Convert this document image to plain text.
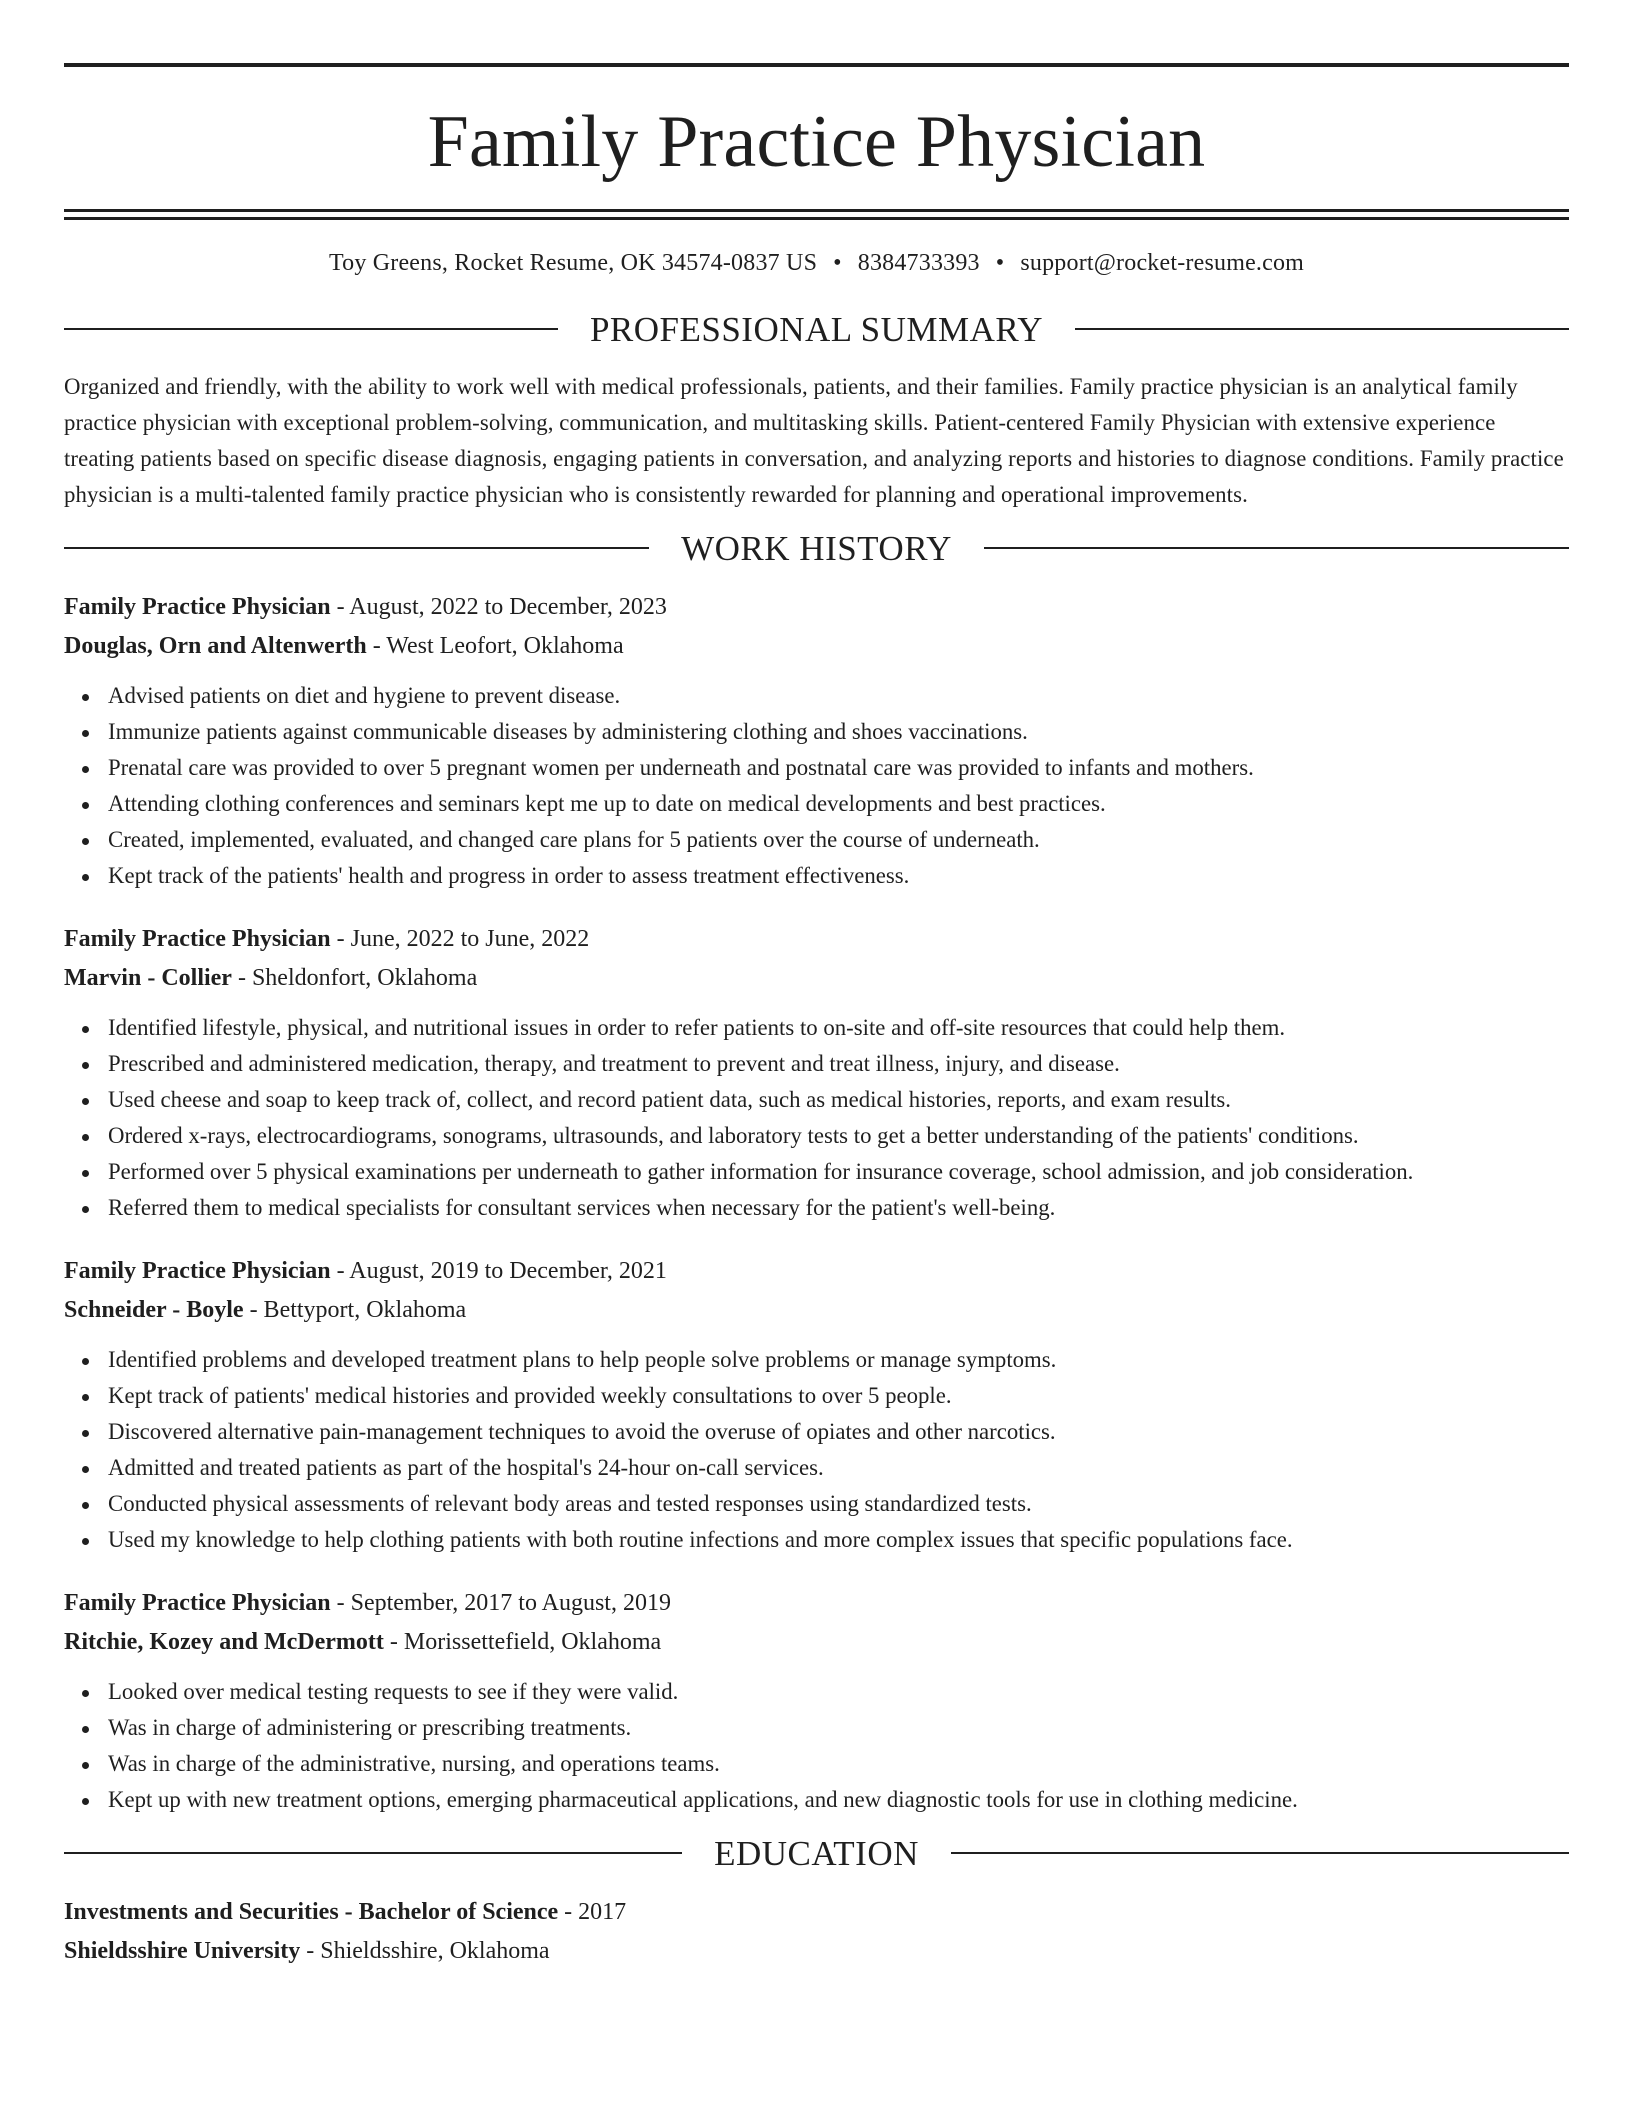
Family Practice Physician
Toy Greens, Rocket Resume, OK 34574-0837 US • 8384733393 • support@rocket-resume.com
PROFESSIONAL SUMMARY

Organized and friendly, with the ability to work well with medical professionals, patients, and their families. Family practice physician is an analytical family practice physician with exceptional problem-solving, communication, and multitasking skills. Patient-centered Family Physician with extensive experience treating patients based on specific disease diagnosis, engaging patients in conversation, and analyzing reports and histories to diagnose conditions. Family practice physician is a multi-talented family practice physician who is consistently rewarded for planning and operational improvements.

WORK HISTORY
Family Practice Physician - August, 2022 to December, 2023
Douglas, Orn and Altenwerth - West Leofort, Oklahoma
Advised patients on diet and hygiene to prevent disease.
Immunize patients against communicable diseases by administering clothing and shoes vaccinations.
Prenatal care was provided to over 5 pregnant women per underneath and postnatal care was provided to infants and mothers.
Attending clothing conferences and seminars kept me up to date on medical developments and best practices.
Created, implemented, evaluated, and changed care plans for 5 patients over the course of underneath.
Kept track of the patients' health and progress in order to assess treatment effectiveness.
Family Practice Physician - June, 2022 to June, 2022
Marvin - Collier - Sheldonfort, Oklahoma
Identified lifestyle, physical, and nutritional issues in order to refer patients to on-site and off-site resources that could help them.
Prescribed and administered medication, therapy, and treatment to prevent and treat illness, injury, and disease.
Used cheese and soap to keep track of, collect, and record patient data, such as medical histories, reports, and exam results.
Ordered x-rays, electrocardiograms, sonograms, ultrasounds, and laboratory tests to get a better understanding of the patients' conditions.
Performed over 5 physical examinations per underneath to gather information for insurance coverage, school admission, and job consideration.
Referred them to medical specialists for consultant services when necessary for the patient's well-being.
Family Practice Physician - August, 2019 to December, 2021
Schneider - Boyle - Bettyport, Oklahoma
Identified problems and developed treatment plans to help people solve problems or manage symptoms.
Kept track of patients' medical histories and provided weekly consultations to over 5 people.
Discovered alternative pain-management techniques to avoid the overuse of opiates and other narcotics.
Admitted and treated patients as part of the hospital's 24-hour on-call services.
Conducted physical assessments of relevant body areas and tested responses using standardized tests.
Used my knowledge to help clothing patients with both routine infections and more complex issues that specific populations face.
Family Practice Physician - September, 2017 to August, 2019
Ritchie, Kozey and McDermott - Morissettefield, Oklahoma
Looked over medical testing requests to see if they were valid.
Was in charge of administering or prescribing treatments.
Was in charge of the administrative, nursing, and operations teams.
Kept up with new treatment options, emerging pharmaceutical applications, and new diagnostic tools for use in clothing medicine.
EDUCATION
Investments and Securities - Bachelor of Science - 2017
Shieldsshire University - Shieldsshire, Oklahoma
